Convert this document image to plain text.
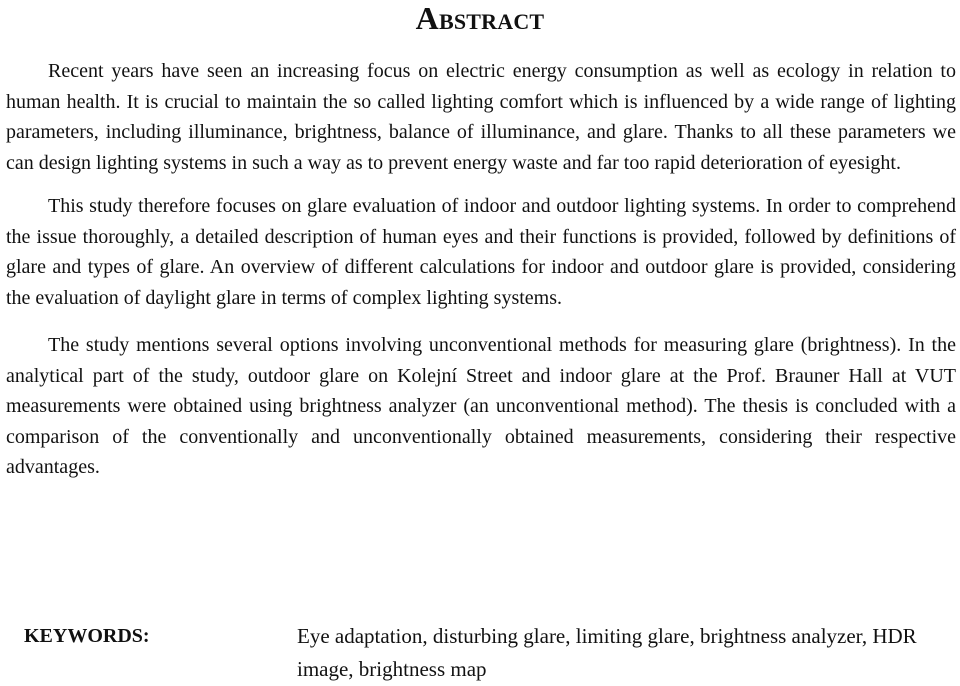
Abstract

Recent years have seen an increasing focus on electric energy consumption as well as ecology in relation to human health. It is crucial to maintain the so called lighting comfort which is influenced by a wide range of lighting parameters, including illuminance, brightness, balance of illuminance, and glare. Thanks to all these parameters we can design lighting systems in such a way as to prevent energy waste and far too rapid deterioration of eyesight.

This study therefore focuses on glare evaluation of indoor and outdoor lighting systems. In order to comprehend the issue thoroughly, a detailed description of human eyes and their functions is provided, followed by definitions of glare and types of glare. An overview of different calculations for indoor and outdoor glare is provided, considering the evaluation of daylight glare in terms of complex lighting systems.

The study mentions several options involving unconventional methods for measuring glare (brightness). In the analytical part of the study, outdoor glare on Kolejní Street and indoor glare at the Prof. Brauner Hall at VUT measurements were obtained using brightness analyzer (an unconventional method). The thesis is concluded with a comparison of the conventionally and unconventionally obtained measurements, considering their respective advantages.

KEYWORDS:	Eye adaptation, disturbing glare, limiting glare, brightness analyzer, HDR image, brightness map
